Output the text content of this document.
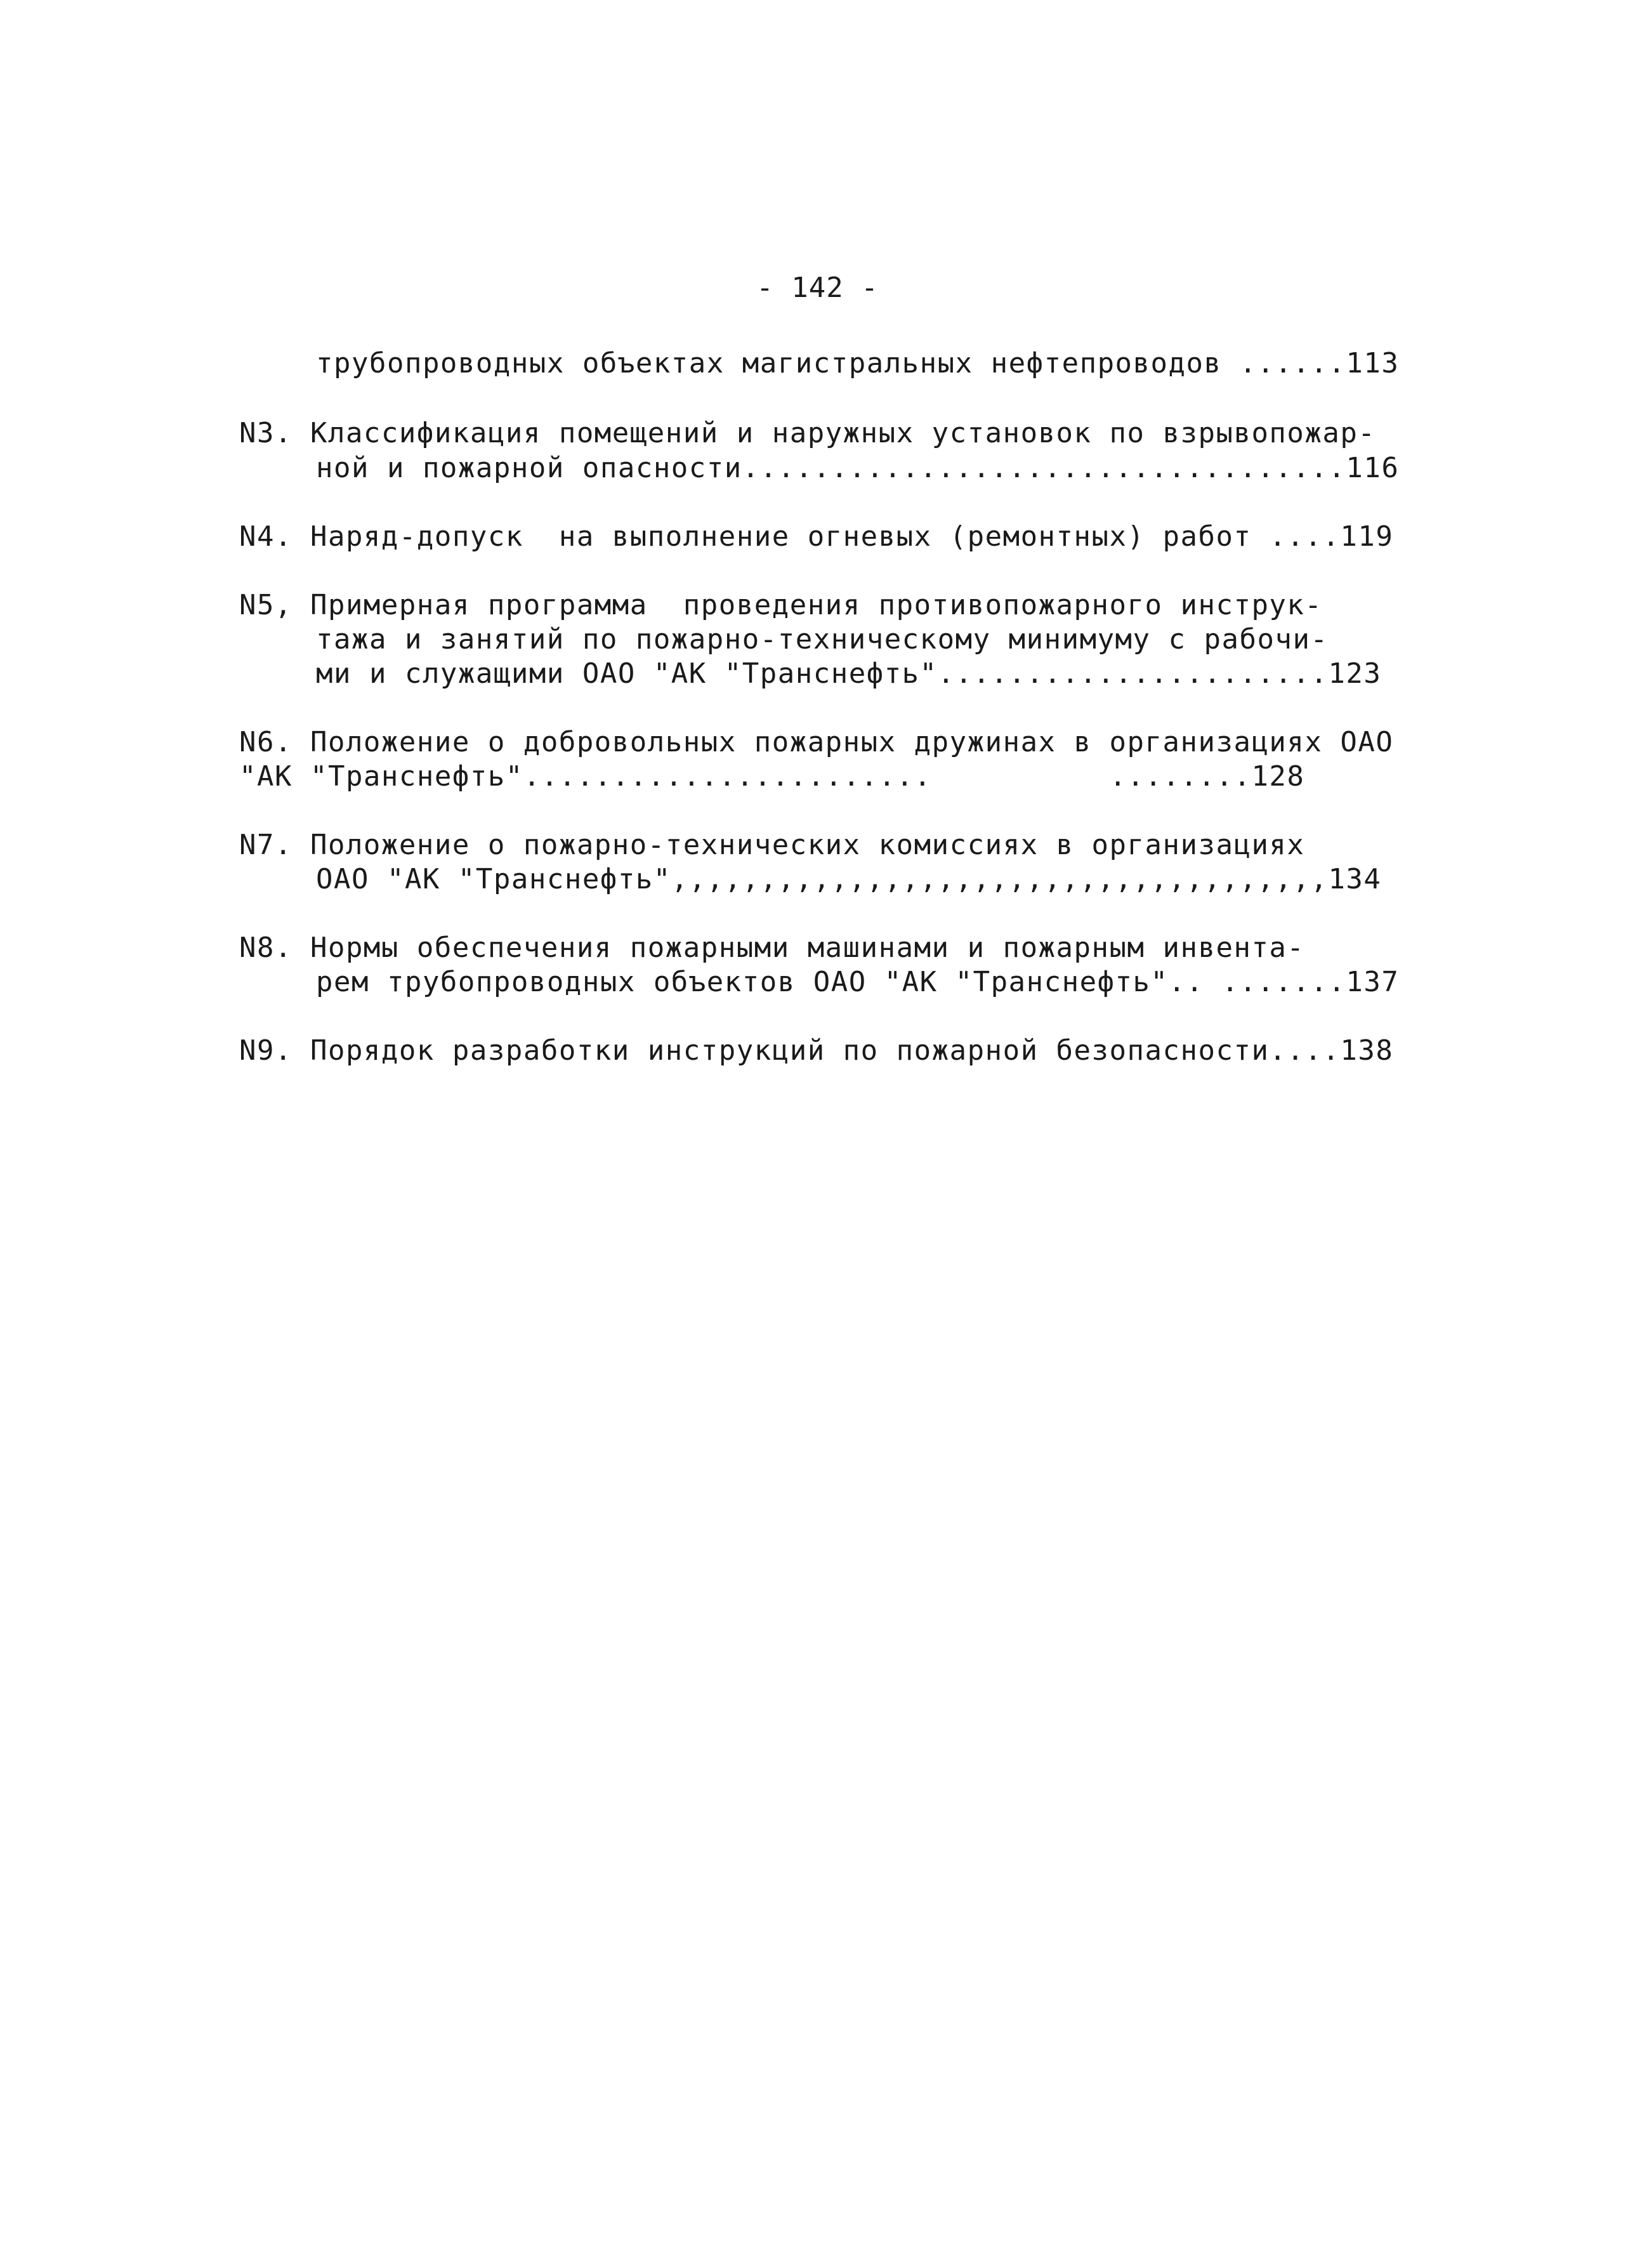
- 142 -
трубопроводных объектах магистральных нефтепроводов ......113
N3. Классификация помещений и наружных установок по взрывопожар-
ной и пожарной опасности..................................116
N4. Наряд-допуск  на выполнение огневых (ремонтных) работ ....119
N5, Примерная программа  проведения противопожарного инструк-
тажа и занятий по пожарно-техническому минимуму с рабочи-
ми и служащими ОАО "АК "Транснефть"......................123
N6. Положение о добровольных пожарных дружинах в организациях ОАО
"АК "Транснефть".......................          ........128
N7. Положение о пожарно-технических комиссиях в организациях
ОАО "АК "Транснефть",,,,,,,,,,,,,,,,,,,,,,,,,,,,,,,,,,,,,134
N8. Нормы обеспечения пожарными машинами и пожарным инвента-
рем трубопроводных объектов ОАО "АК "Транснефть".. .......137
N9. Порядок разработки инструкций по пожарной безопасности....138
